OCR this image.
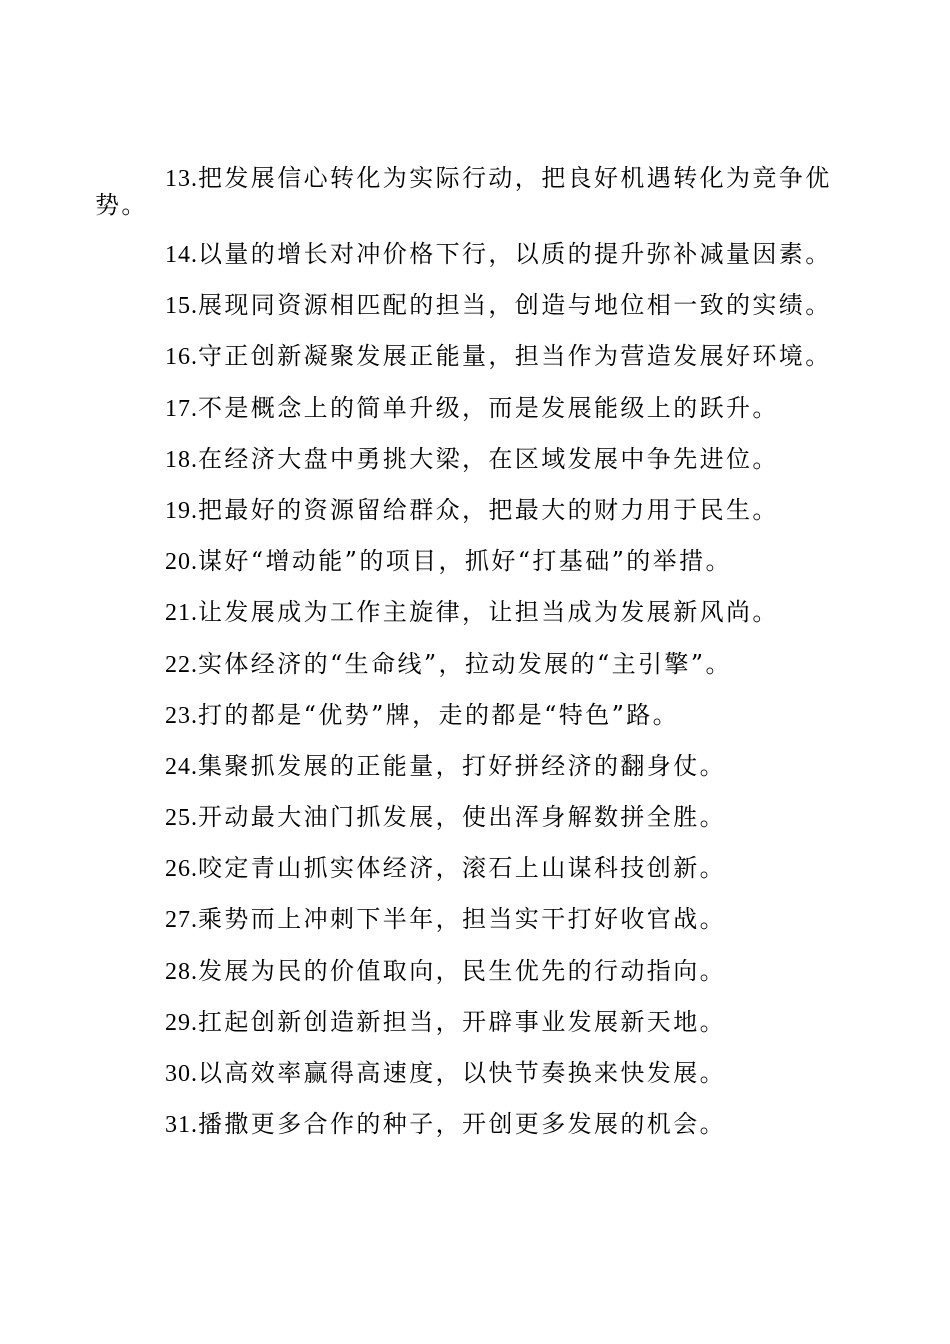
13.把发展信心转化为实际行动，把良好机遇转化为竞争优
势。

14.以量的增长对冲价格下行，以质的提升弥补减量因素。

15.展现同资源相匹配的担当，创造与地位相一致的实绩。

16.守正创新凝聚发展正能量，担当作为营造发展好环境。

17.不是概念上的简单升级，而是发展能级上的跃升。

18.在经济大盘中勇挑大梁，在区域发展中争先进位。

19.把最好的资源留给群众，把最大的财力用于民生。

20.谋好“增动能”的项目，抓好“打基础”的举措。

21.让发展成为工作主旋律，让担当成为发展新风尚。

22.实体经济的“生命线”，拉动发展的“主引擎”。

23.打的都是“优势”牌，走的都是“特色”路。

24.集聚抓发展的正能量，打好拼经济的翻身仗。

25.开动最大油门抓发展，使出浑身解数拼全胜。

26.咬定青山抓实体经济，滚石上山谋科技创新。

27.乘势而上冲刺下半年，担当实干打好收官战。

28.发展为民的价值取向，民生优先的行动指向。

29.扛起创新创造新担当，开辟事业发展新天地。

30.以高效率赢得高速度，以快节奏换来快发展。

31.播撒更多合作的种子，开创更多发展的机会。
